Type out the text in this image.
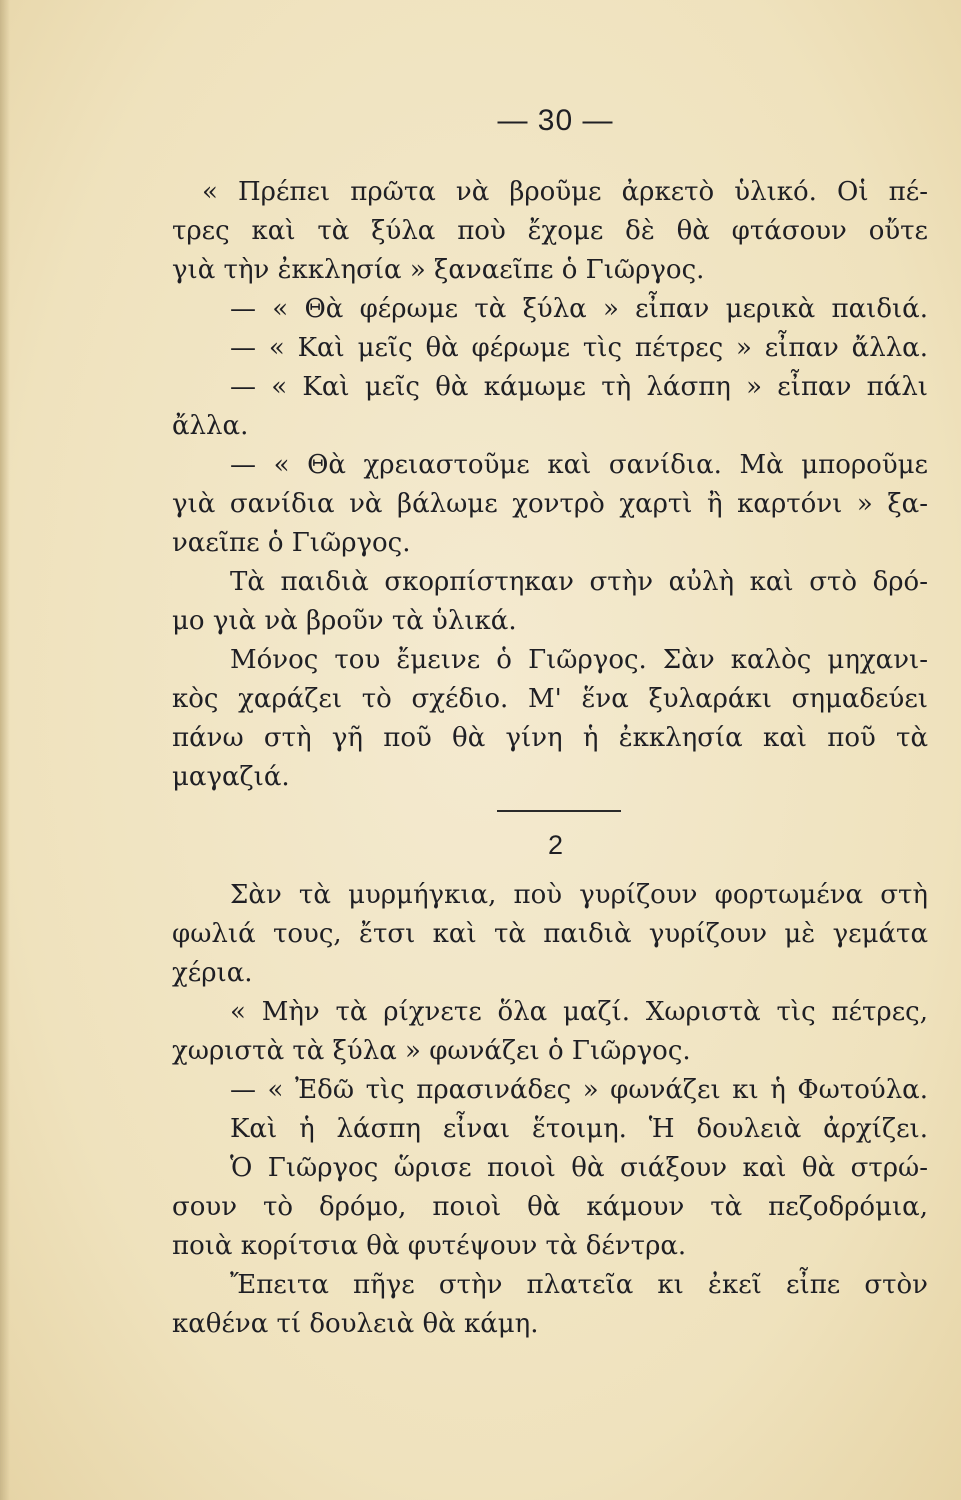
— 30 —
« Πρέπει πρῶτα νὰ βροῦμε ἀρκετὸ ὑλικό. Οἱ πέ-
τρες καὶ τὰ ξύλα ποὺ ἔχομε δὲ θὰ φτάσουν οὔτε
γιὰ τὴν ἐκκλησία » ξαναεῖπε ὁ Γιῶργος.
— « Θὰ φέρωμε τὰ ξύλα » εἶπαν μερικὰ παιδιά.
— « Καὶ μεῖς θὰ φέρωμε τὶς πέτρες » εἶπαν ἄλλα.
— « Καὶ μεῖς θὰ κάμωμε τὴ λάσπη » εἶπαν πάλι
ἄλλα.
— « Θὰ χρειαστοῦμε καὶ σανίδια. Μὰ μποροῦμε
γιὰ σανίδια νὰ βάλωμε χοντρὸ χαρτὶ ἢ καρτόνι » ξα-
ναεῖπε ὁ Γιῶργος.
Τὰ παιδιὰ σκορπίστηκαν στὴν αὐλὴ καὶ στὸ δρό-
μο γιὰ νὰ βροῦν τὰ ὑλικά.
Μόνος του ἔμεινε ὁ Γιῶργος. Σὰν καλὸς μηχανι-
κὸς χαράζει τὸ σχέδιο. Μ' ἕνα ξυλαράκι σημαδεύει
πάνω στὴ γῆ ποῦ θὰ γίνη ἡ ἐκκλησία καὶ ποῦ τὰ
μαγαζιά.
2
Σὰν τὰ μυρμήγκια, ποὺ γυρίζουν φορτωμένα στὴ
φωλιά τους, ἔτσι καὶ τὰ παιδιὰ γυρίζουν μὲ γεμάτα
χέρια.
« Μὴν τὰ ρίχνετε ὅλα μαζί. Χωριστὰ τὶς πέτρες,
χωριστὰ τὰ ξύλα » φωνάζει ὁ Γιῶργος.
— « Ἐδῶ τὶς πρασινάδες » φωνάζει κι ἡ Φωτούλα.
Καὶ ἡ λάσπη εἶναι ἕτοιμη. Ἡ δουλειὰ ἀρχίζει.
Ὁ Γιῶργος ὥρισε ποιοὶ θὰ σιάξουν καὶ θὰ στρώ-
σουν τὸ δρόμο, ποιοὶ θὰ κάμουν τὰ πεζοδρόμια,
ποιὰ κορίτσια θὰ φυτέψουν τὰ δέντρα.
Ἔπειτα πῆγε στὴν πλατεῖα κι ἐκεῖ εἶπε στὸν
καθένα τί δουλειὰ θὰ κάμη.
